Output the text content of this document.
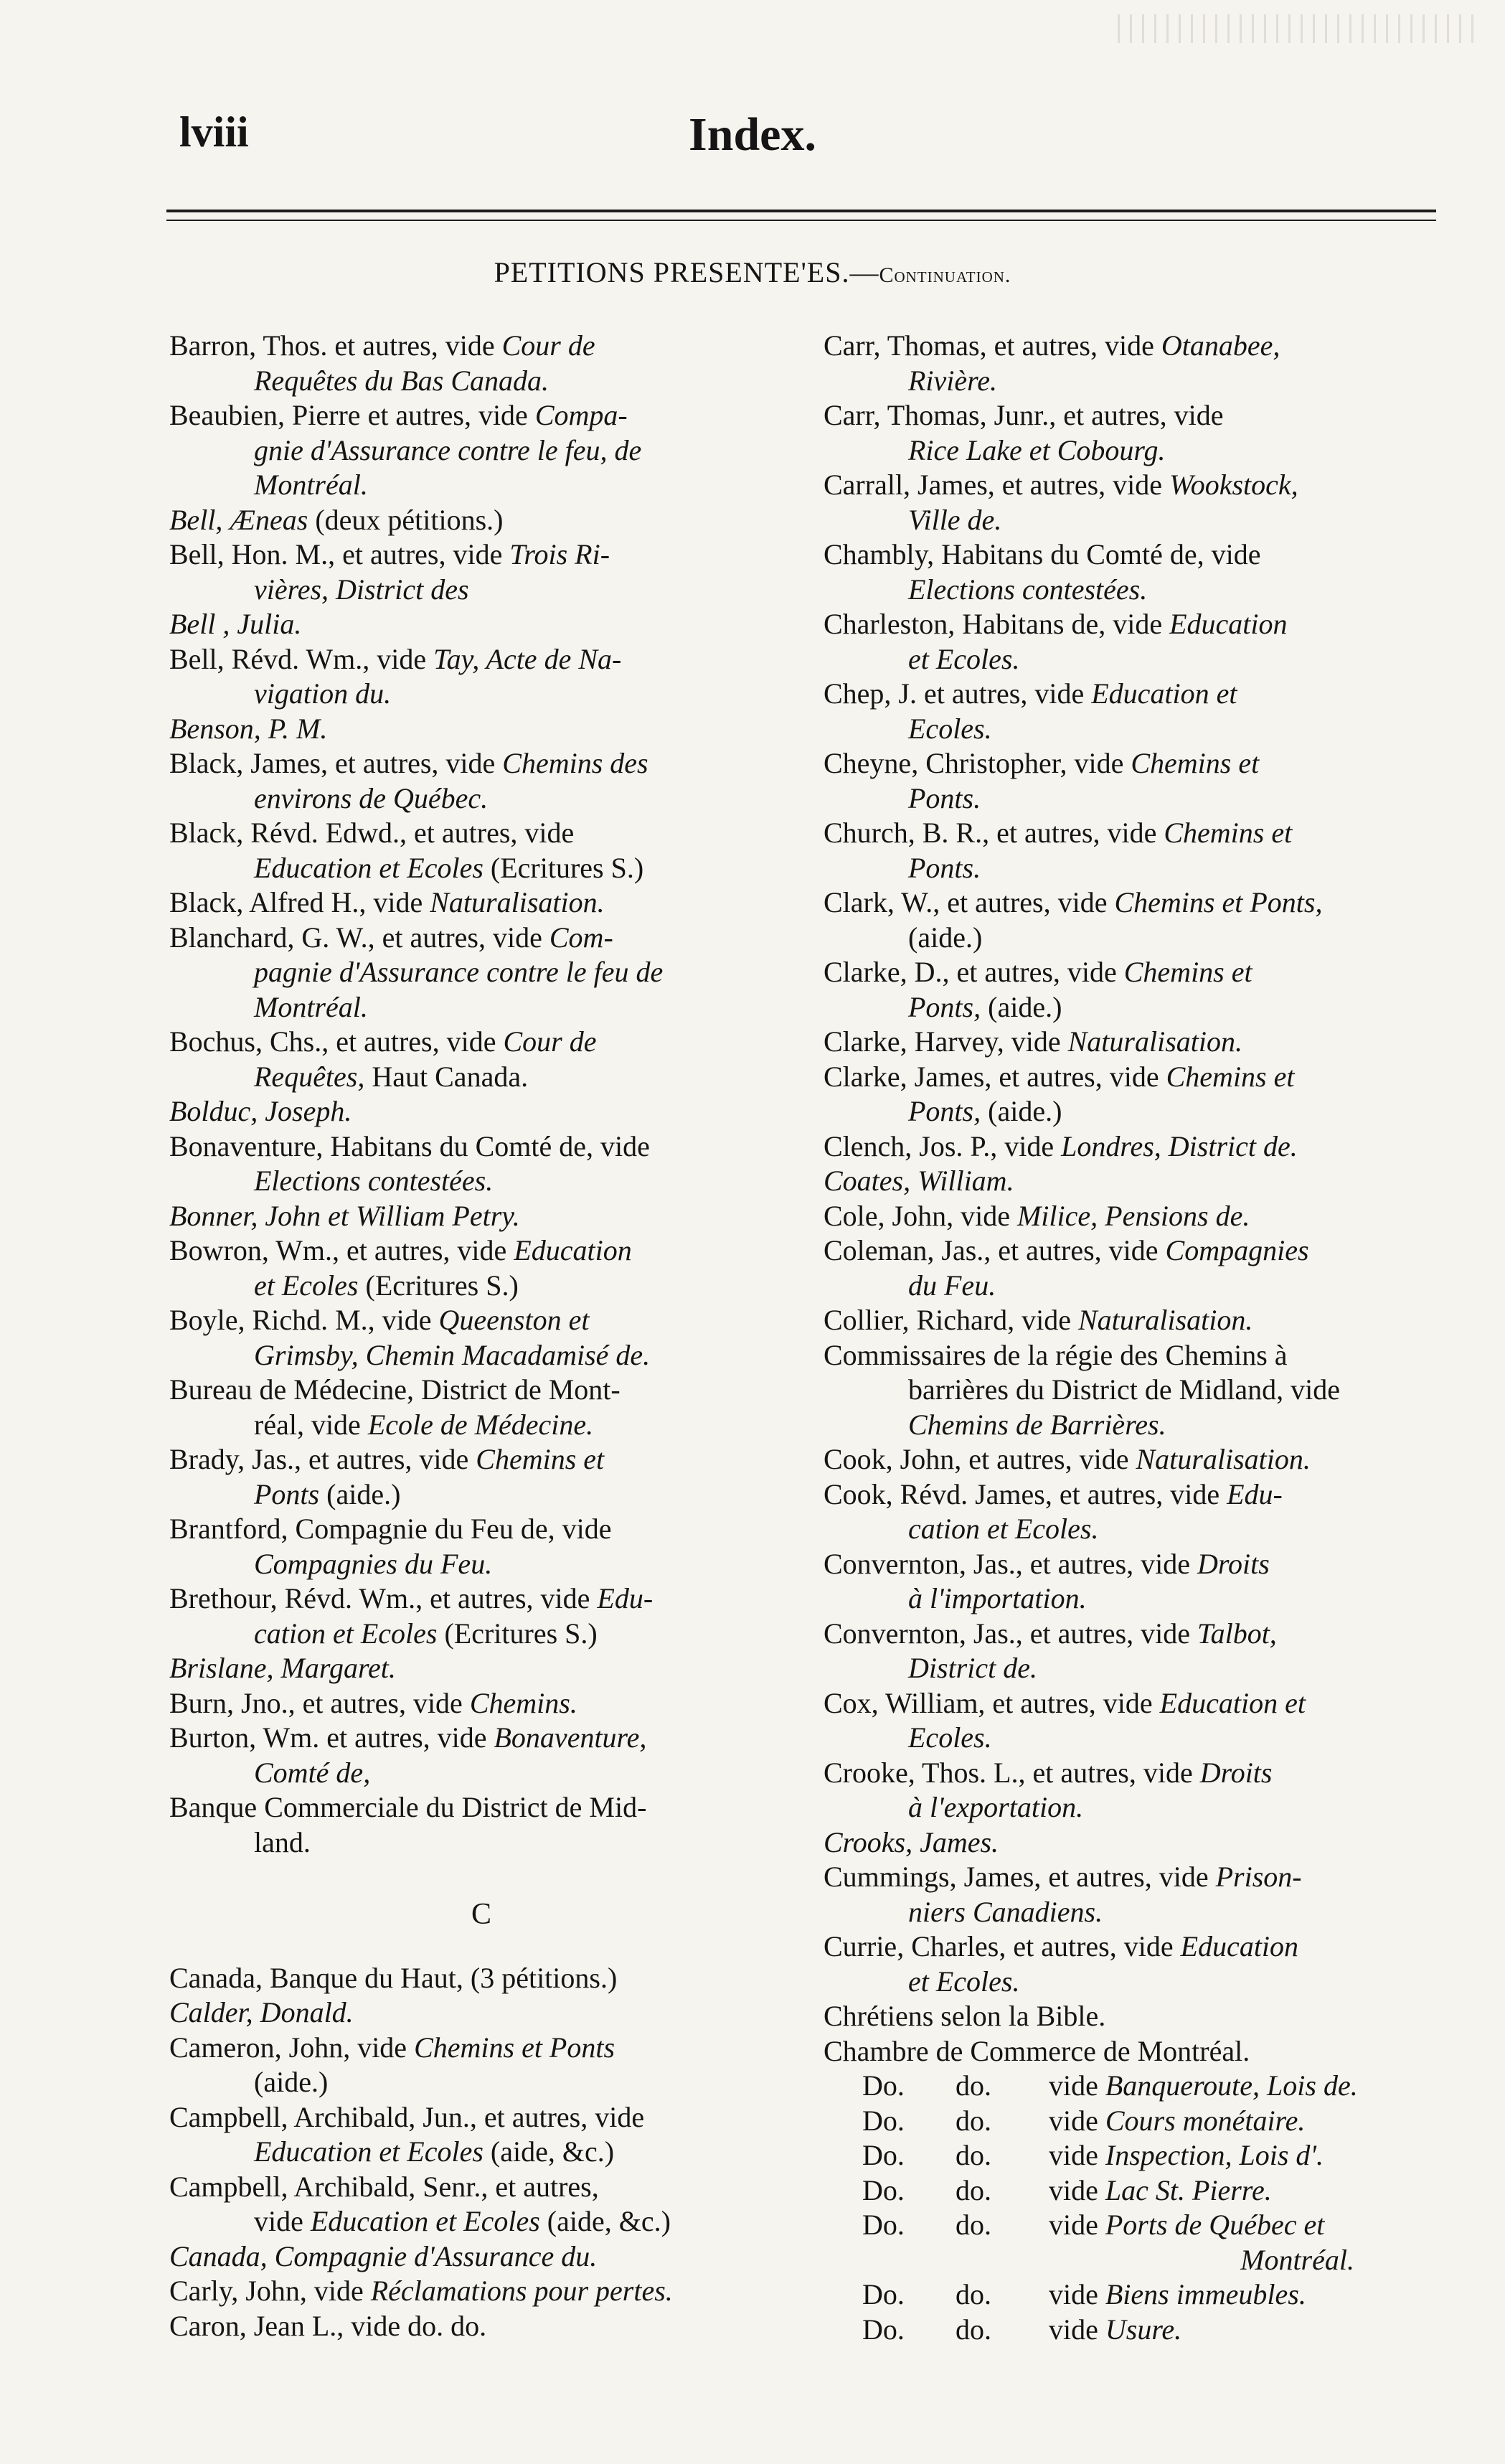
lviii	Index.
PETITIONS PRESENTE'ES.—Continuation.
Barron, Thos. et autres, vide Cour de
Requêtes du Bas Canada.
Beaubien, Pierre et autres, vide Compa-
gnie d'Assurance contre le feu, de
Montréal.
Bell, Æneas (deux pétitions.)
Bell, Hon. M., et autres, vide Trois Ri-
vières, District des
Bell , Julia.
Bell, Révd. Wm., vide Tay, Acte de Na-
vigation du.
Benson, P. M.
Black, James, et autres, vide Chemins des
environs de Québec.
Black, Révd. Edwd., et autres, vide
Education et Ecoles (Ecritures S.)
Black, Alfred H., vide Naturalisation.
Blanchard, G. W., et autres, vide Com-
pagnie d'Assurance contre le feu de
Montréal.
Bochus, Chs., et autres, vide Cour de
Requêtes, Haut Canada.
Bolduc, Joseph.
Bonaventure, Habitans du Comté de, vide
Elections contestées.
Bonner, John et William Petry.
Bowron, Wm., et autres, vide Education
et Ecoles (Ecritures S.)
Boyle, Richd. M., vide Queenston et
Grimsby, Chemin Macadamisé de.
Bureau de Médecine, District de Mont-
réal, vide Ecole de Médecine.
Brady, Jas., et autres, vide Chemins et
Ponts (aide.)
Brantford, Compagnie du Feu de, vide
Compagnies du Feu.
Brethour, Révd. Wm., et autres, vide Edu-
cation et Ecoles (Ecritures S.)
Brislane, Margaret.
Burn, Jno., et autres, vide Chemins.
Burton, Wm. et autres, vide Bonaventure,
Comté de,
Banque Commerciale du District de Mid-
land.
C
Canada, Banque du Haut, (3 pétitions.)
Calder, Donald.
Cameron, John, vide Chemins et Ponts
(aide.)
Campbell, Archibald, Jun., et autres, vide
Education et Ecoles (aide, &c.)
Campbell, Archibald, Senr., et autres,
vide Education et Ecoles (aide, &c.)
Canada, Compagnie d'Assurance du.
Carly, John, vide Réclamations pour pertes.
Caron, Jean L., vide do. do.
Carr, Thomas, et autres, vide Otanabee,
Rivière.
Carr, Thomas, Junr., et autres, vide
Rice Lake et Cobourg.
Carrall, James, et autres, vide Wookstock,
Ville de.
Chambly, Habitans du Comté de, vide
Elections contestées.
Charleston, Habitans de, vide Education
et Ecoles.
Chep, J. et autres, vide Education et
Ecoles.
Cheyne, Christopher, vide Chemins et
Ponts.
Church, B. R., et autres, vide Chemins et
Ponts.
Clark, W., et autres, vide Chemins et Ponts,
(aide.)
Clarke, D., et autres, vide Chemins et
Ponts, (aide.)
Clarke, Harvey, vide Naturalisation.
Clarke, James, et autres, vide Chemins et
Ponts, (aide.)
Clench, Jos. P., vide Londres, District de.
Coates, William.
Cole, John, vide Milice, Pensions de.
Coleman, Jas., et autres, vide Compagnies
du Feu.
Collier, Richard, vide Naturalisation.
Commissaires de la régie des Chemins à
barrières du District de Midland, vide
Chemins de Barrières.
Cook, John, et autres, vide Naturalisation.
Cook, Révd. James, et autres, vide Edu-
cation et Ecoles.
Convernton, Jas., et autres, vide Droits
à l'importation.
Convernton, Jas., et autres, vide Talbot,
District de.
Cox, William, et autres, vide Education et
Ecoles.
Crooke, Thos. L., et autres, vide Droits
à l'exportation.
Crooks, James.
Cummings, James, et autres, vide Prison-
niers Canadiens.
Currie, Charles, et autres, vide Education
et Ecoles.
Chrétiens selon la Bible.
Chambre de Commerce de Montréal.
Do.	do.	vide Banqueroute, Lois de.
Do.	do.	vide Cours monétaire.
Do.	do.	vide Inspection, Lois d'.
Do.	do.	vide Lac St. Pierre.
Do.	do.	vide Ports de Québec et
Montréal.
Do.	do.	vide Biens immeubles.
Do.	do.	vide Usure.
